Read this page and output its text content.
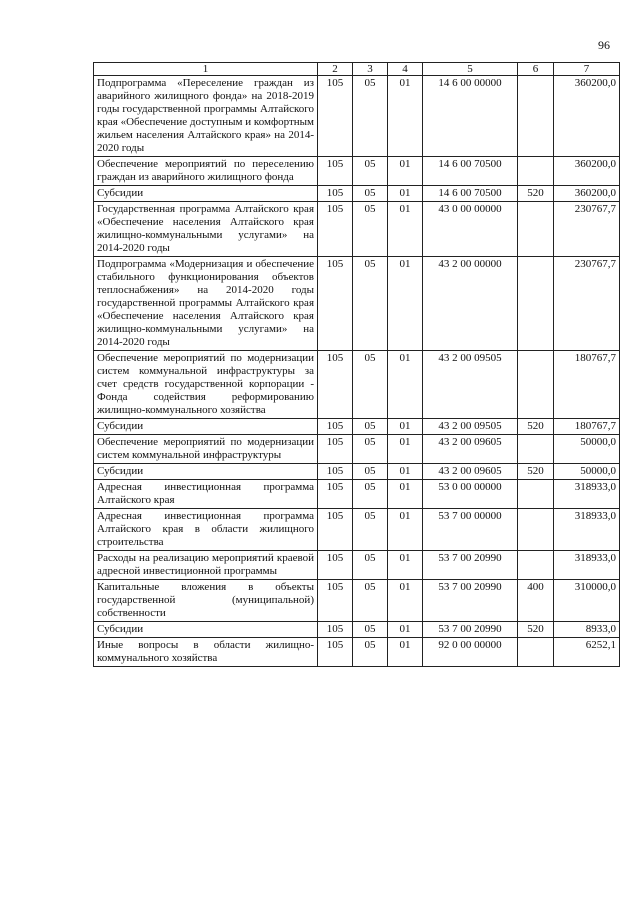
96
1	2	3	4	5	6	7
Подпрограмма «Переселение граждан из аварийного жилищного фонда» на 2018-2019 годы государственной программы Алтайского края «Обеспечение доступным и комфортным жильем населения Алтайского края» на 2014-2020 годы	105	05	01	14 6 00 00000		360200,0
Обеспечение мероприятий по переселению граждан из аварийного жилищного фонда	105	05	01	14 6 00 70500		360200,0
Субсидии	105	05	01	14 6 00 70500	520	360200,0
Государственная программа Алтайского края «Обеспечение населения Алтайского края жилищно-коммунальными услугами» на 2014-2020 годы	105	05	01	43 0 00 00000		230767,7
Подпрограмма «Модернизация и обеспечение стабильного функционирования объектов теплоснабжения» на 2014-2020 годы государственной программы Алтайского края «Обеспечение населения Алтайского края жилищно-коммунальными услугами» на 2014-2020 годы	105	05	01	43 2 00 00000		230767,7
Обеспечение мероприятий по модернизации систем коммунальной инфраструктуры за счет средств государственной корпорации - Фонда содействия реформированию жилищно-коммунального хозяйства	105	05	01	43 2 00 09505		180767,7
Субсидии	105	05	01	43 2 00 09505	520	180767,7
Обеспечение мероприятий по модернизации систем коммунальной инфраструктуры	105	05	01	43 2 00 09605		50000,0
Субсидии	105	05	01	43 2 00 09605	520	50000,0
Адресная инвестиционная программа Алтайского края	105	05	01	53 0 00 00000		318933,0
Адресная инвестиционная программа Алтайского края в области жилищного строительства	105	05	01	53 7 00 00000		318933,0
Расходы на реализацию мероприятий краевой адресной инвестиционной программы	105	05	01	53 7 00 20990		318933,0
Капитальные вложения в объекты государственной (муниципальной) собственности	105	05	01	53 7 00 20990	400	310000,0
Субсидии	105	05	01	53 7 00 20990	520	8933,0
Иные вопросы в области жилищно-коммунального хозяйства	105	05	01	92 0 00 00000		6252,1
